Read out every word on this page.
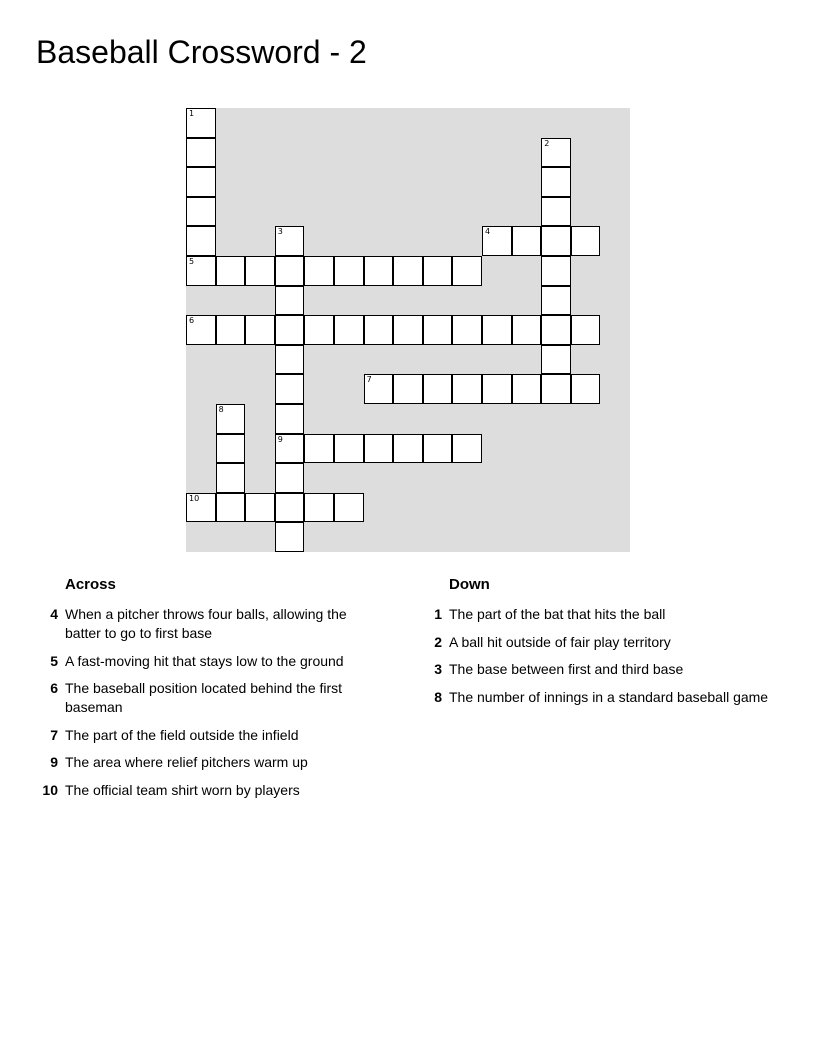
Baseball Crossword - 2
1
2
3
9
4
5
6
7
8
10
Across
4 When a pitcher throws four balls, allowing the batter to go to first base
5 A fast-moving hit that stays low to the ground
6 The baseball position located behind the first baseman
7 The part of the field outside the infield
9 The area where relief pitchers warm up
10 The official team shirt worn by players
Down
1 The part of the bat that hits the ball
2 A ball hit outside of fair play territory
3 The base between first and third base
8 The number of innings in a standard baseball game
